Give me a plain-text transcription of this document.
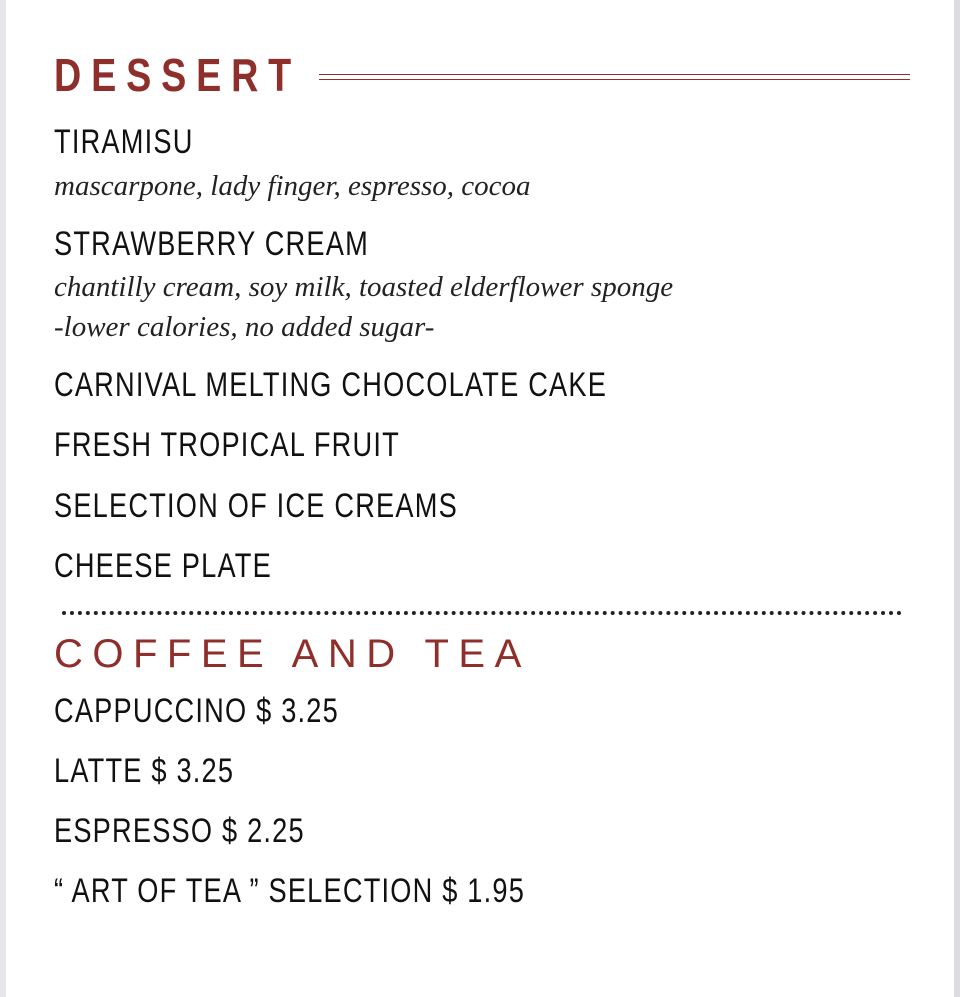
DESSERT
TIRAMISU
mascarpone, lady finger, espresso, cocoa
STRAWBERRY CREAM
chantilly cream, soy milk, toasted elderflower sponge
-lower calories, no added sugar-
CARNIVAL MELTING CHOCOLATE CAKE
FRESH TROPICAL FRUIT
SELECTION OF ICE CREAMS
CHEESE PLATE
COFFEE AND TEA
CAPPUCCINO $ 3.25
LATTE $ 3.25
ESPRESSO $ 2.25
“ ART OF TEA ” SELECTION $ 1.95
